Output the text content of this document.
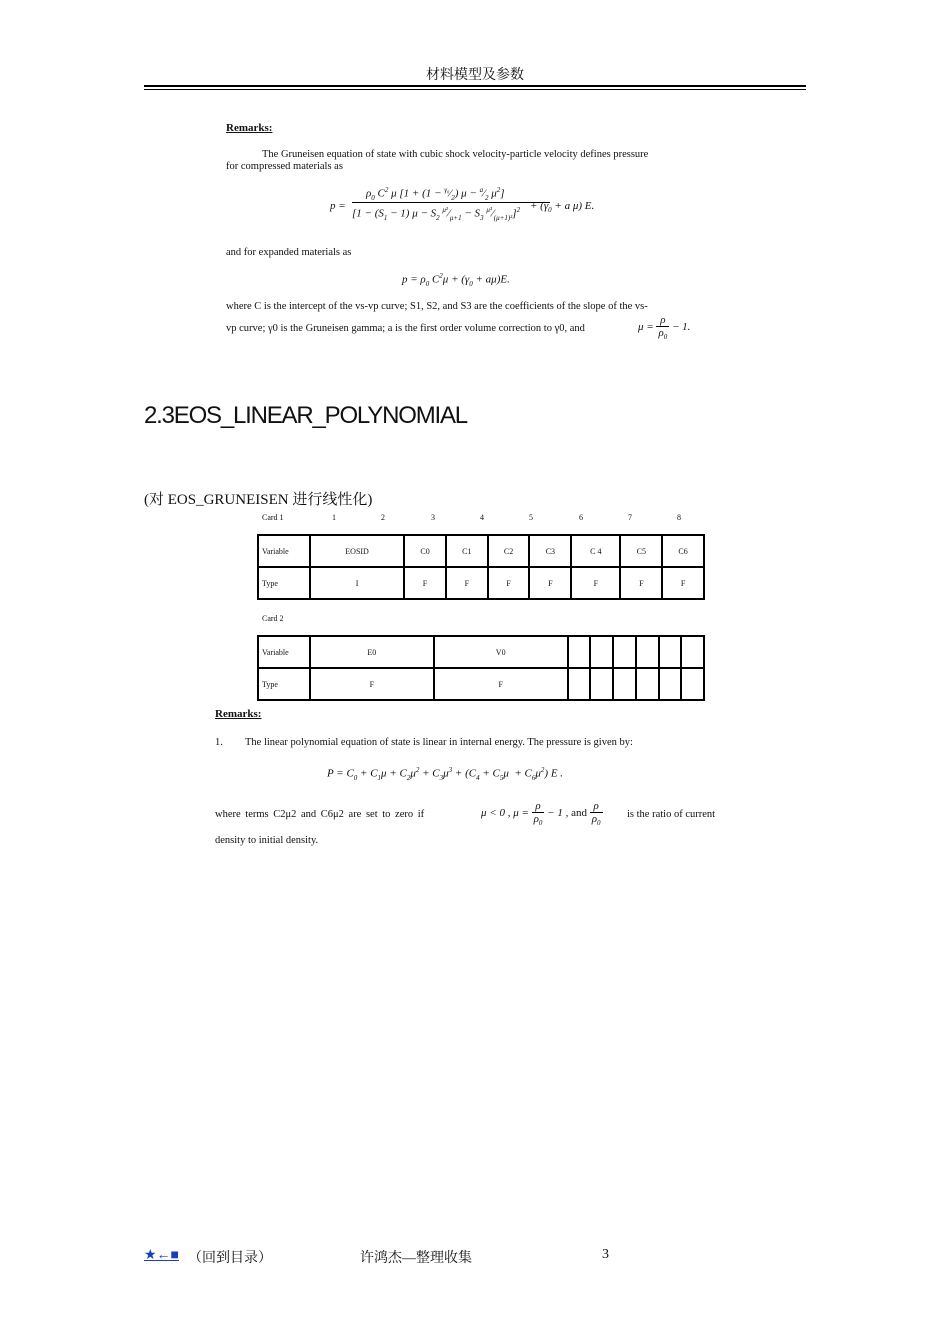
材料模型及参数
Remarks:
The Gruneisen equation of state with cubic shock velocity-particle velocity defines pressure
for compressed materials as
p =
$\rho_0$ $C^2$ μ [$1 + (1 - ^{\gamma_0}⁄_2)$ $\mu - ^a⁄_2$ $\mu^2$]
[$1 - (S_1 - 1) \mu - S_2$ $^{\mu^2}⁄_{\mu+1} - S_3$ $^{\mu^3}⁄_{(\mu+1)^2}]^2 + (\gamma_0 + a$ μ) E.
and for expanded materials as
$p = \rho_0$ $C^2\mu + (\gamma_0 + a\mu)E$.
where C is the intercept of the vs-vp curve; S1, S2, and S3 are the coefficients of the slope of the vs-
vp curve; γ0 is the Gruneisen gamma; a is the first order volume correction to γ0, and	$\mu = \frac{\rho}{\rho_0} - 1$.
2.3EOS_LINEAR_POLYNOMIAL
(对 EOS_GRUNEISEN 进行线性化)
Card 1	1	2	3	4	5	6	7	8
Variable	EOSID	C0	C1	C2	C3	C 4	C5	C6
Type	I	F	F	F	F	F	F	F
Card 2
Variable	E0	V0						
Type	F	F						
Remarks:
1. The linear polynomial equation of state is linear in internal energy. The pressure is given by:
$P = C_0 + C_1\mu + C_2\mu^2 + C_3\mu^3 + (C_4 + C_5\mu + C_6\mu^2)$ E .
where terms C2μ2 and C6μ2 are set to zero if	μ < 0 , $\mu = \frac{\rho}{\rho_0} - 1$ , and $\frac{\rho}{\rho_0}$ is the ratio of current
density to initial density.
★←■ （回到目录）	许鸿杰—整理收集	3
